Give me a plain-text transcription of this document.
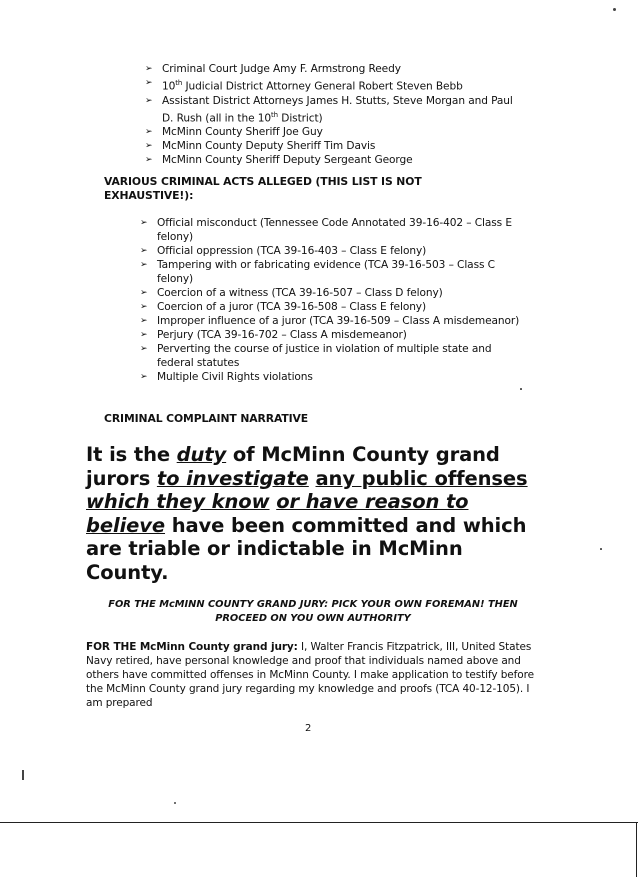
➢ Criminal Court Judge Amy F. Armstrong Reedy
➢ 10th Judicial District Attorney General Robert Steven Bebb
➢ Assistant District Attorneys James H. Stutts, Steve Morgan and Paul D. Rush (all in the 10th District)
➢ McMinn County Sheriff Joe Guy
➢ McMinn County Deputy Sheriff Tim Davis
➢ McMinn County Sheriff Deputy Sergeant George
VARIOUS CRIMINAL ACTS ALLEGED (THIS LIST IS NOT EXHAUSTIVE!):
➢ Official misconduct (Tennessee Code Annotated 39-16-402 – Class E felony)
➢ Official oppression (TCA 39-16-403 – Class E felony)
➢ Tampering with or fabricating evidence (TCA 39-16-503 – Class C felony)
➢ Coercion of a witness (TCA 39-16-507 – Class D felony)
➢ Coercion of a juror (TCA 39-16-508 – Class E felony)
➢ Improper influence of a juror (TCA 39-16-509 – Class A misdemeanor)
➢ Perjury (TCA 39-16-702 – Class A misdemeanor)
➢ Perverting the course of justice in violation of multiple state and federal statutes
➢ Multiple Civil Rights violations
CRIMINAL COMPLAINT NARRATIVE
It is the duty of McMinn County grand jurors to investigate any public offenses which they know or have reason to believe have been committed and which are triable or indictable in McMinn County.
FOR THE McMINN COUNTY GRAND JURY: PICK YOUR OWN FOREMAN! THEN PROCEED ON YOU OWN AUTHORITY
FOR THE McMinn County grand jury: I, Walter Francis Fitzpatrick, III, United States Navy retired, have personal knowledge and proof that individuals named above and others have committed offenses in McMinn County. I make application to testify before the McMinn County grand jury regarding my knowledge and proofs (TCA 40-12-105). I am prepared
2
